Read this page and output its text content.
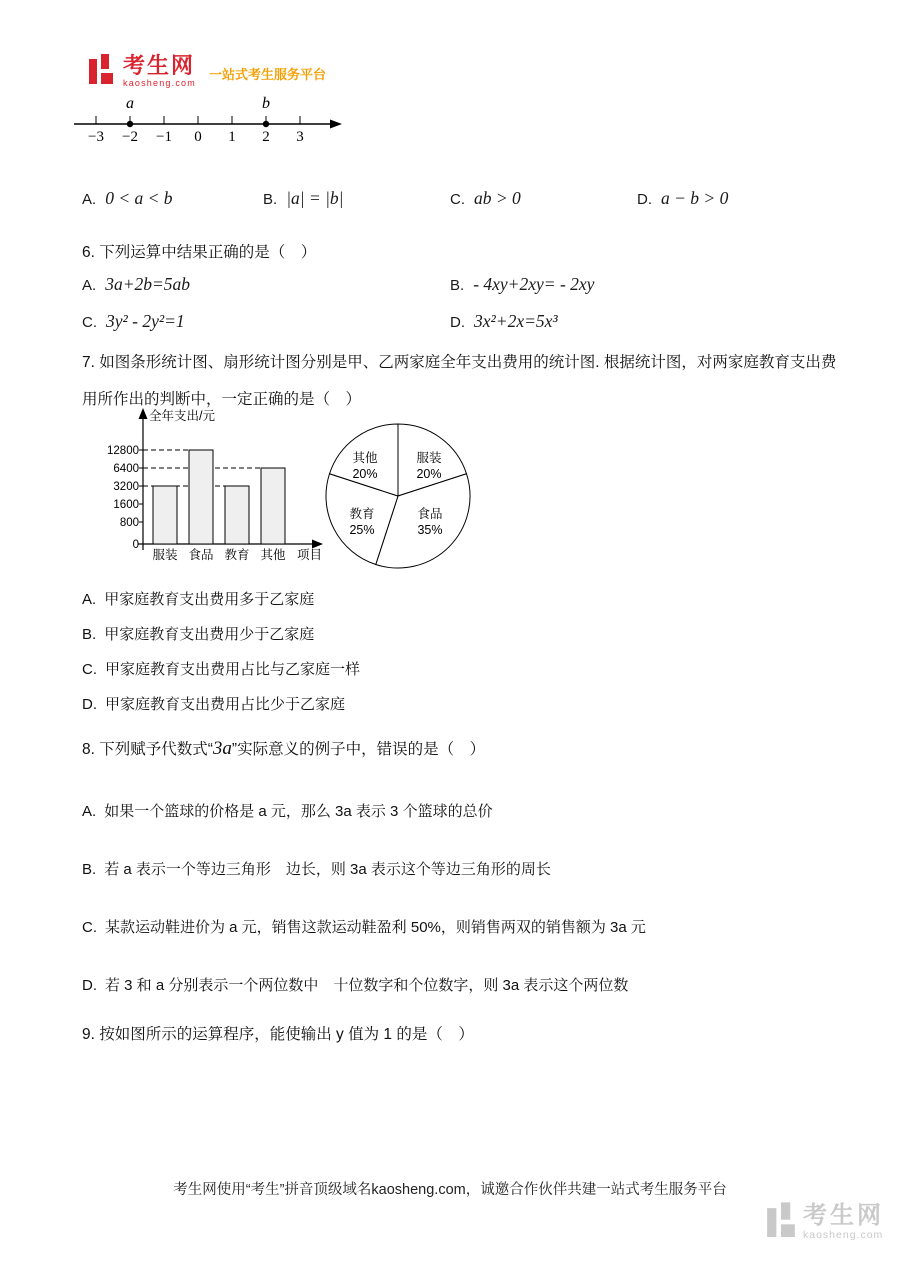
考生网
kaosheng.com
一站式考生服务平台
a	b
−3 −2 −1 0 1 2 3
A. 0 < a < b	B. |a| = |b|	C. ab > 0	D. a − b > 0

6. 下列运算中结果正确的是（　）

A. 3a+2b=5ab	B. - 4xy+2xy= - 2xy
C. 3y² - 2y²=1	D. 3x²+2x=5x³

7. 如图条形统计图、扇形统计图分别是甲、乙两家庭全年支出费用的统计图. 根据统计图，对两家庭教育支出费用所作出的判断中，一定正确的是（　）

全年支出/元
12800
6400
3200
1600
800
0
服装 食品 教育 其他 项目
其他
20%
服装
20%
教育
25%
食品
35%

A. 甲家庭教育支出费用多于乙家庭

B. 甲家庭教育支出费用少于乙家庭

C. 甲家庭教育支出费用占比与乙家庭一样

D. 甲家庭教育支出费用占比少于乙家庭

8. 下列赋予代数式“3a”实际意义的例子中，错误的是（　）

A. 如果一个篮球的价格是 a 元，那么 3a 表示 3 个篮球的总价

B. 若 a 表示一个等边三角形　边长，则 3a 表示这个等边三角形的周长

C. 某款运动鞋进价为 a 元，销售这款运动鞋盈利 50%，则销售两双的销售额为 3a 元

D. 若 3 和 a 分别表示一个两位数中　十位数字和个位数字，则 3a 表示这个两位数

9. 按如图所示的运算程序，能使输出 y 值为 1 的是（　）

考生网使用“考生”拼音顶级域名kaosheng.com，诚邀合作伙伴共建一站式考生服务平台

考生网
kaosheng.com
